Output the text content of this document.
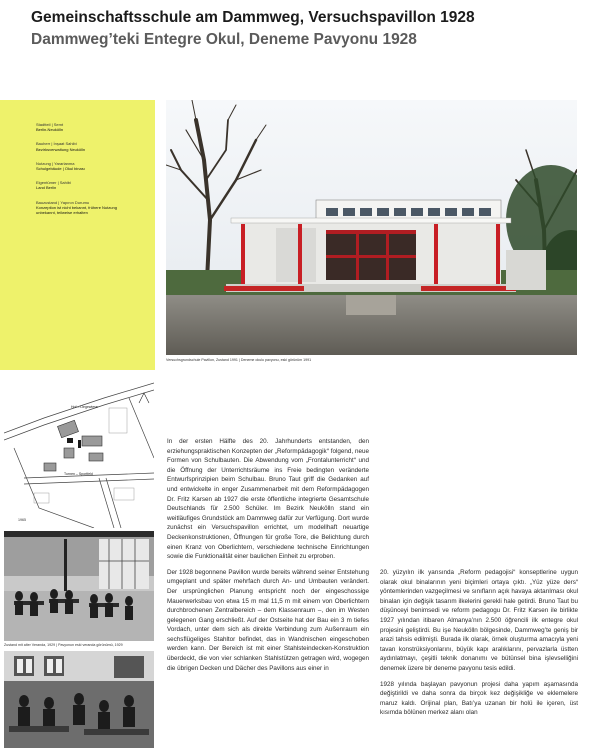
Gemeinschaftsschule am Dammweg, Versuchspavillon 1928
Dammweg’teki Entegre Okul, Deneme Pavyonu 1928
Stadtteil | Semt
Berlin-Neukölln
Bauherr | İnşaat Sahibi
Bezirksverwaltung Neukölln
Nutzung | Yararlanma
Schulgebäude | Okul binası
Eigentümer | Sahibi
Land Berlin
Bauzustand | Yapının Durumu
Konzeption ist nicht bekannt, frühere Nutzung
unbekannt, teilweise erhalten
Versuchsgrundschule Pavillon, Zustand 1991 | Deneme okulu pavyonu, eski görünüm 1991
Hof – Liegewiese
Turnen – Sportfeld
1965
Zustand mit alter Veranda, 1929 | Pavyonun eski veranda görünümü, 1929

In der ersten Hälfte des 20. Jahrhunderts entstanden, den erziehungspraktischen Konzepten der „Reformpädagogik“ folgend, neue Formen von Schulbauten. Die Abwendung vom „Frontalunterricht“ und die Öffnung der Unterrichtsräume ins Freie bedingten veränderte Entwurfsprinzipien beim Schulbau. Bruno Taut griff die Gedanken auf und entwickelte in enger Zusammenarbeit mit dem Reformpädagogen Dr. Fritz Karsen ab 1927 die erste öffentliche integrierte Gesamtschule Deutschlands für 2.500 Schüler. Im Bezirk Neukölln stand ein weitläufiges Grundstück am Dammweg dafür zur Verfügung. Dort wurde zunächst ein Versuchspavillon errichtet, um modellhaft neuartige Deckenkonstruktionen, Öffnungen für große Tore, die Belichtung durch einen Kranz von Oberlichtern, verschiedene technische Einrichtungen sowie die Funktionalität einer baulichen Einheit zu erproben.

Der 1928 begonnene Pavillon wurde bereits während seiner Entstehung umgeplant und später mehrfach durch An- und Umbauten verändert. Der ursprünglichen Planung entspricht noch der eingeschossige Mauerwerksbau von etwa 15 m mal 11,5 m mit einem von Oberlichtern durchbrochenen Zentralbereich – dem Klassenraum –, den im Westen gelegenen Gang erschließt. Auf der Ostseite hat der Bau ein 3 m tiefes Vordach, unter dem sich als direkte Verbindung zum Außenraum ein sechsflügeliges Stahltor befindet, das in Wandnischen eingeschoben werden kann. Der Bereich ist mit einer Stahlsteindecken-Konstruktion überdeckt, die von vier schlanken Stahlstützen getragen wird, wogegen die übrigen Decken und Dächer des Pavillons aus einer in

20. yüzyılın ilk yarısında „Reform pedagojisi“ konseptlerine uygun olarak okul binalarının yeni biçimleri ortaya çıktı. „Yüz yüze ders“ yöntemlerinden vazgeçilmesi ve sınıfların açık havaya aktarılması okul binaları için değişik tasarım ilkelerini gerekli hale getirdi. Bruno Taut bu düşünceyi benimsedi ve reform pedagogu Dr. Fritz Karsen ile birlikte 1927 yılından itibaren Almanya’nın 2.500 öğrencili ilk entegre okul projesini geliştirdi. Bu işe Neukölln bölgesinde, Dammweg’te geniş bir arazi tahsis edilmişti. Burada ilk olarak, örnek oluşturma amacıyla yeni tavan konstrüksiyonlarını, büyük kapı aralıklarını, pervazlarla üstten aydınlatmayı, çeşitli teknik donanımı ve bütünsel bina işlevselliğini denemek üzere bir deneme pavyonu tesis edildi.

1928 yılında başlayan pavyonun projesi daha yapım aşamasında değiştirildi ve daha sonra da birçok kez değişikliğe ve eklemelere maruz kaldı. Orijinal plan, Batı’ya uzanan bir holü ile içeren, üst kısımda bölünen merkez alanı olan
